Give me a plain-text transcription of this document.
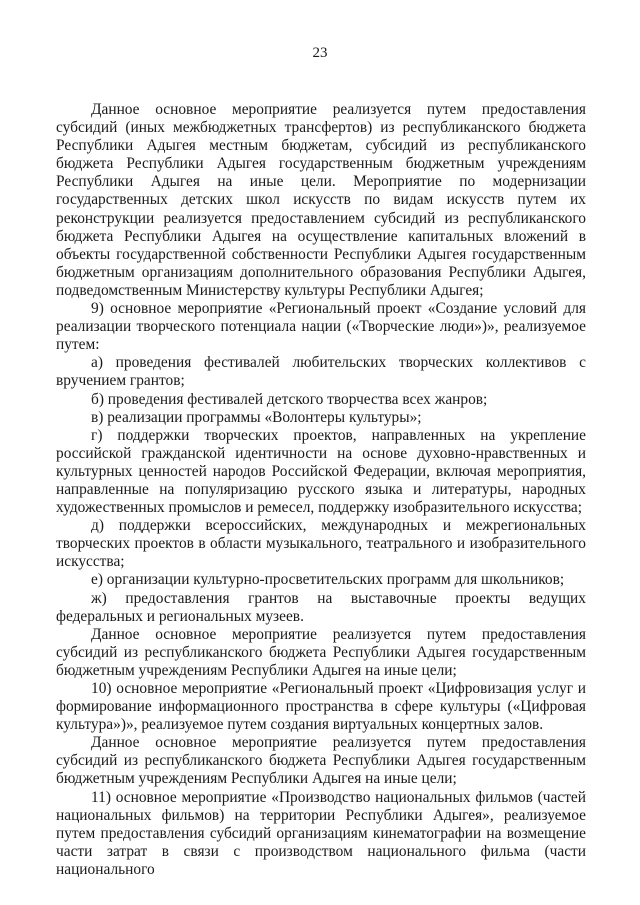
23

Данное основное мероприятие реализуется путем предоставления субсидий (иных межбюджетных трансфертов) из республиканского бюджета Республики Адыгея местным бюджетам, субсидий из республиканского бюджета Республики Адыгея государственным бюджетным учреждениям Республики Адыгея на иные цели. Мероприятие по модернизации государственных детских школ искусств по видам искусств путем их реконструкции реализуется предоставлением субсидий из республиканского бюджета Республики Адыгея на осуществление капитальных вложений в объекты государственной собственности Республики Адыгея государственным бюджетным организациям дополнительного образования Республики Адыгея, подведомственным Министерству культуры Республики Адыгея;

9) основное мероприятие «Региональный проект «Создание условий для реализации творческого потенциала нации («Творческие люди»)», реализуемое путем:

а) проведения фестивалей любительских творческих коллективов с вручением грантов;

б) проведения фестивалей детского творчества всех жанров;

в) реализации программы «Волонтеры культуры»;

г) поддержки творческих проектов, направленных на укрепление российской гражданской идентичности на основе духовно-нравственных и культурных ценностей народов Российской Федерации, включая мероприятия, направленные на популяризацию русского языка и литературы, народных художественных промыслов и ремесел, поддержку изобразительного искусства;

д) поддержки всероссийских, международных и межрегиональных творческих проектов в области музыкального, театрального и изобразительного искусства;

е) организации культурно-просветительских программ для школьников;

ж) предоставления грантов на выставочные проекты ведущих федеральных и региональных музеев.

Данное основное мероприятие реализуется путем предоставления субсидий из республиканского бюджета Республики Адыгея государственным бюджетным учреждениям Республики Адыгея на иные цели;

10) основное мероприятие «Региональный проект «Цифровизация услуг и формирование информационного пространства в сфере культуры («Цифровая культура»)», реализуемое путем создания виртуальных концертных залов.

Данное основное мероприятие реализуется путем предоставления субсидий из республиканского бюджета Республики Адыгея государственным бюджетным учреждениям Республики Адыгея на иные цели;

11) основное мероприятие «Производство национальных фильмов (частей национальных фильмов) на территории Республики Адыгея», реализуемое путем предоставления субсидий организациям кинематографии на возмещение части затрат в связи с производством национального фильма (части национального
